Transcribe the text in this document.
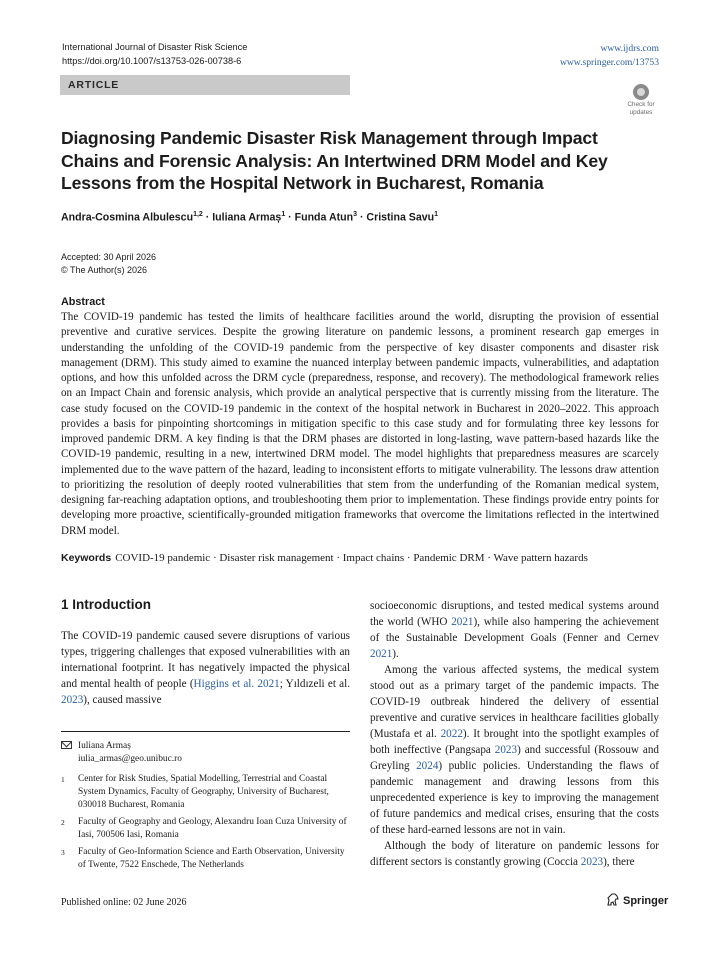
International Journal of Disaster Risk Science
https://doi.org/10.1007/s13753-026-00738-6
www.ijdrs.com
www.springer.com/13753
ARTICLE
Check for
updates
Diagnosing Pandemic Disaster Risk Management through Impact Chains and Forensic Analysis: An Intertwined DRM Model and Key Lessons from the Hospital Network in Bucharest, Romania
Andra-Cosmina Albulescu$^{1,2}$ · Iuliana Armaș$^1$ · Funda Atun$^3$ · Cristina Savu$^1$
Accepted: 30 April 2026
© The Author(s) 2026
Abstract

The COVID-19 pandemic has tested the limits of healthcare facilities around the world, disrupting the provision of essential preventive and curative services. Despite the growing literature on pandemic lessons, a prominent research gap emerges in understanding the unfolding of the COVID-19 pandemic from the perspective of key disaster components and disaster risk management (DRM). This study aimed to examine the nuanced interplay between pandemic impacts, vulnerabilities, and adaptation options, and how this unfolded across the DRM cycle (preparedness, response, and recovery). The methodological framework relies on an Impact Chain and forensic analysis, which provide an analytical perspective that is currently missing from the literature. The case study focused on the COVID-19 pandemic in the context of the hospital network in Bucharest in 2020–2022. This approach provides a basis for pinpointing shortcomings in mitigation specific to this case study and for formulating three key lessons for improved pandemic DRM. A key finding is that the DRM phases are distorted in long-lasting, wave pattern-based hazards like the COVID-19 pandemic, resulting in a new, intertwined DRM model. The model highlights that preparedness measures are scarcely implemented due to the wave pattern of the hazard, leading to inconsistent efforts to mitigate vulnerability. The lessons draw attention to prioritizing the resolution of deeply rooted vulnerabilities that stem from the underfunding of the Romanian medical system, designing far-reaching adaptation options, and troubleshooting them prior to implementation. These findings provide entry points for developing more proactive, scientifically-grounded mitigation frameworks that overcome the limitations reflected in the intertwined DRM model.

Keywords COVID-19 pandemic · Disaster risk management · Impact chains · Pandemic DRM · Wave pattern hazards
1 Introduction

The COVID-19 pandemic caused severe disruptions of various types, triggering challenges that exposed vulnerabilities with an international footprint. It has negatively impacted the physical and mental health of people (Higgins et al. 2021; Yıldızeli et al. 2023), caused massive

socioeconomic disruptions, and tested medical systems around the world (WHO 2021), while also hampering the achievement of the Sustainable Development Goals (Fenner and Cernev 2021).

Among the various affected systems, the medical system stood out as a primary target of the pandemic impacts. The COVID-19 outbreak hindered the delivery of essential preventive and curative services in healthcare facilities globally (Mustafa et al. 2022). It brought into the spotlight examples of both ineffective (Pangsapa 2023) and successful (Rossouw and Greyling 2024) public policies. Understanding the flaws of pandemic management and drawing lessons from this unprecedented experience is key to improving the management of future pandemics and medical crises, ensuring that the costs of these hard-earned lessons are not in vain.

Although the body of literature on pandemic lessons for different sectors is constantly growing (Coccia 2023), there

Iuliana Armaș
iulia_armas@geo.unibuc.ro
1	Center for Risk Studies, Spatial Modelling, Terrestrial and Coastal System Dynamics, Faculty of Geography, University of Bucharest, 030018 Bucharest, Romania
2	Faculty of Geography and Geology, Alexandru Ioan Cuza University of Iasi, 700506 Iasi, Romania
3	Faculty of Geo-Information Science and Earth Observation, University of Twente, 7522 Enschede, The Netherlands
Published online: 02 June 2026	Springer
